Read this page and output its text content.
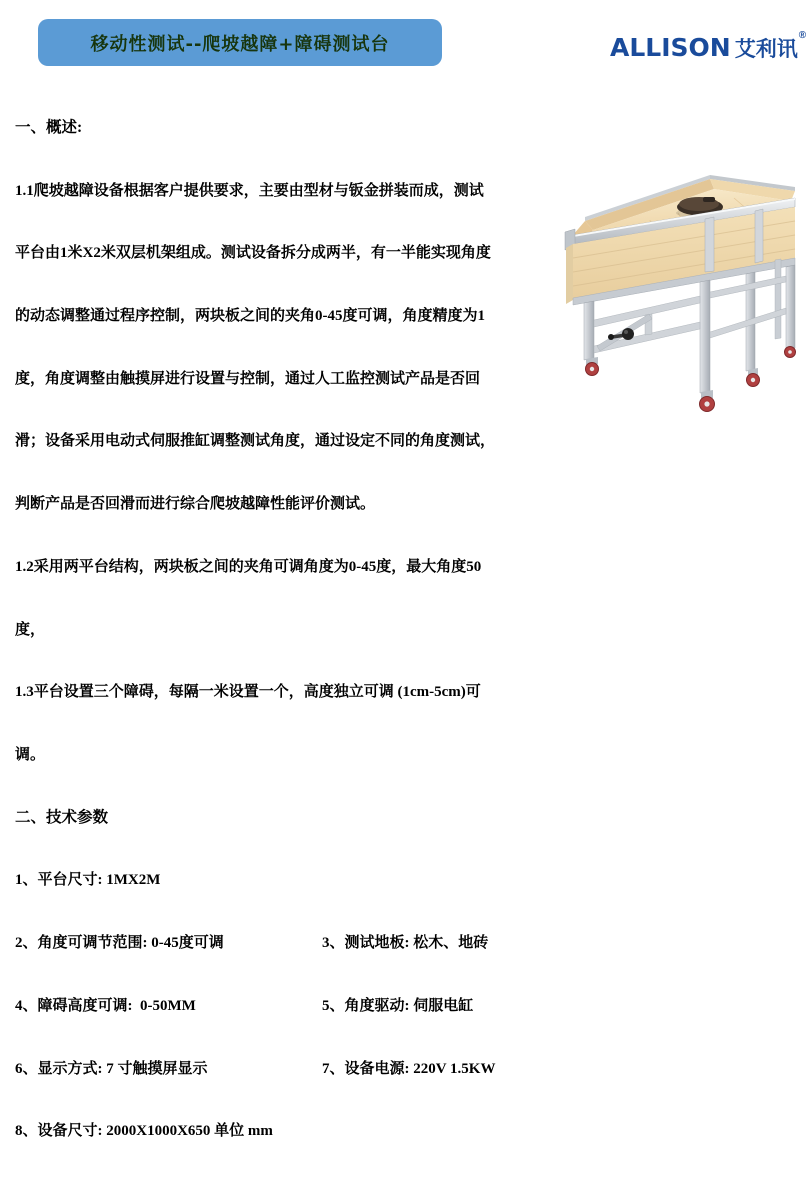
移动性测试--爬坡越障+障碍测试台	ALLISON 艾利讯®

一、概述:

1.1爬坡越障设备根据客户提供要求，主要由型材与钣金拼装而成，测试

平台由1米X2米双层机架组成。测试设备拆分成两半，有一半能实现角度

的动态调整通过程序控制，两块板之间的夹角0-45度可调，角度精度为1

度，角度调整由触摸屏进行设置与控制，通过人工监控测试产品是否回

滑；设备采用电动式伺服推缸调整测试角度，通过设定不同的角度测试，

判断产品是否回滑而进行综合爬坡越障性能评价测试。

1.2采用两平台结构，两块板之间的夹角可调角度为0-45度，最大角度50

度，

1.3平台设置三个障碍，每隔一米设置一个，高度独立可调 (1cm-5cm)可

调。

二、技术参数

1、平台尺寸: 1MX2M

2、角度可调节范围: 0-45度可调	3、测试地板: 松木、地砖

4、障碍高度可调:  0-50MM	5、角度驱动: 伺服电缸

6、显示方式: 7 寸触摸屏显示	7、设备电源: 220V 1.5KW

8、设备尺寸: 2000X1000X650 单位 mm
